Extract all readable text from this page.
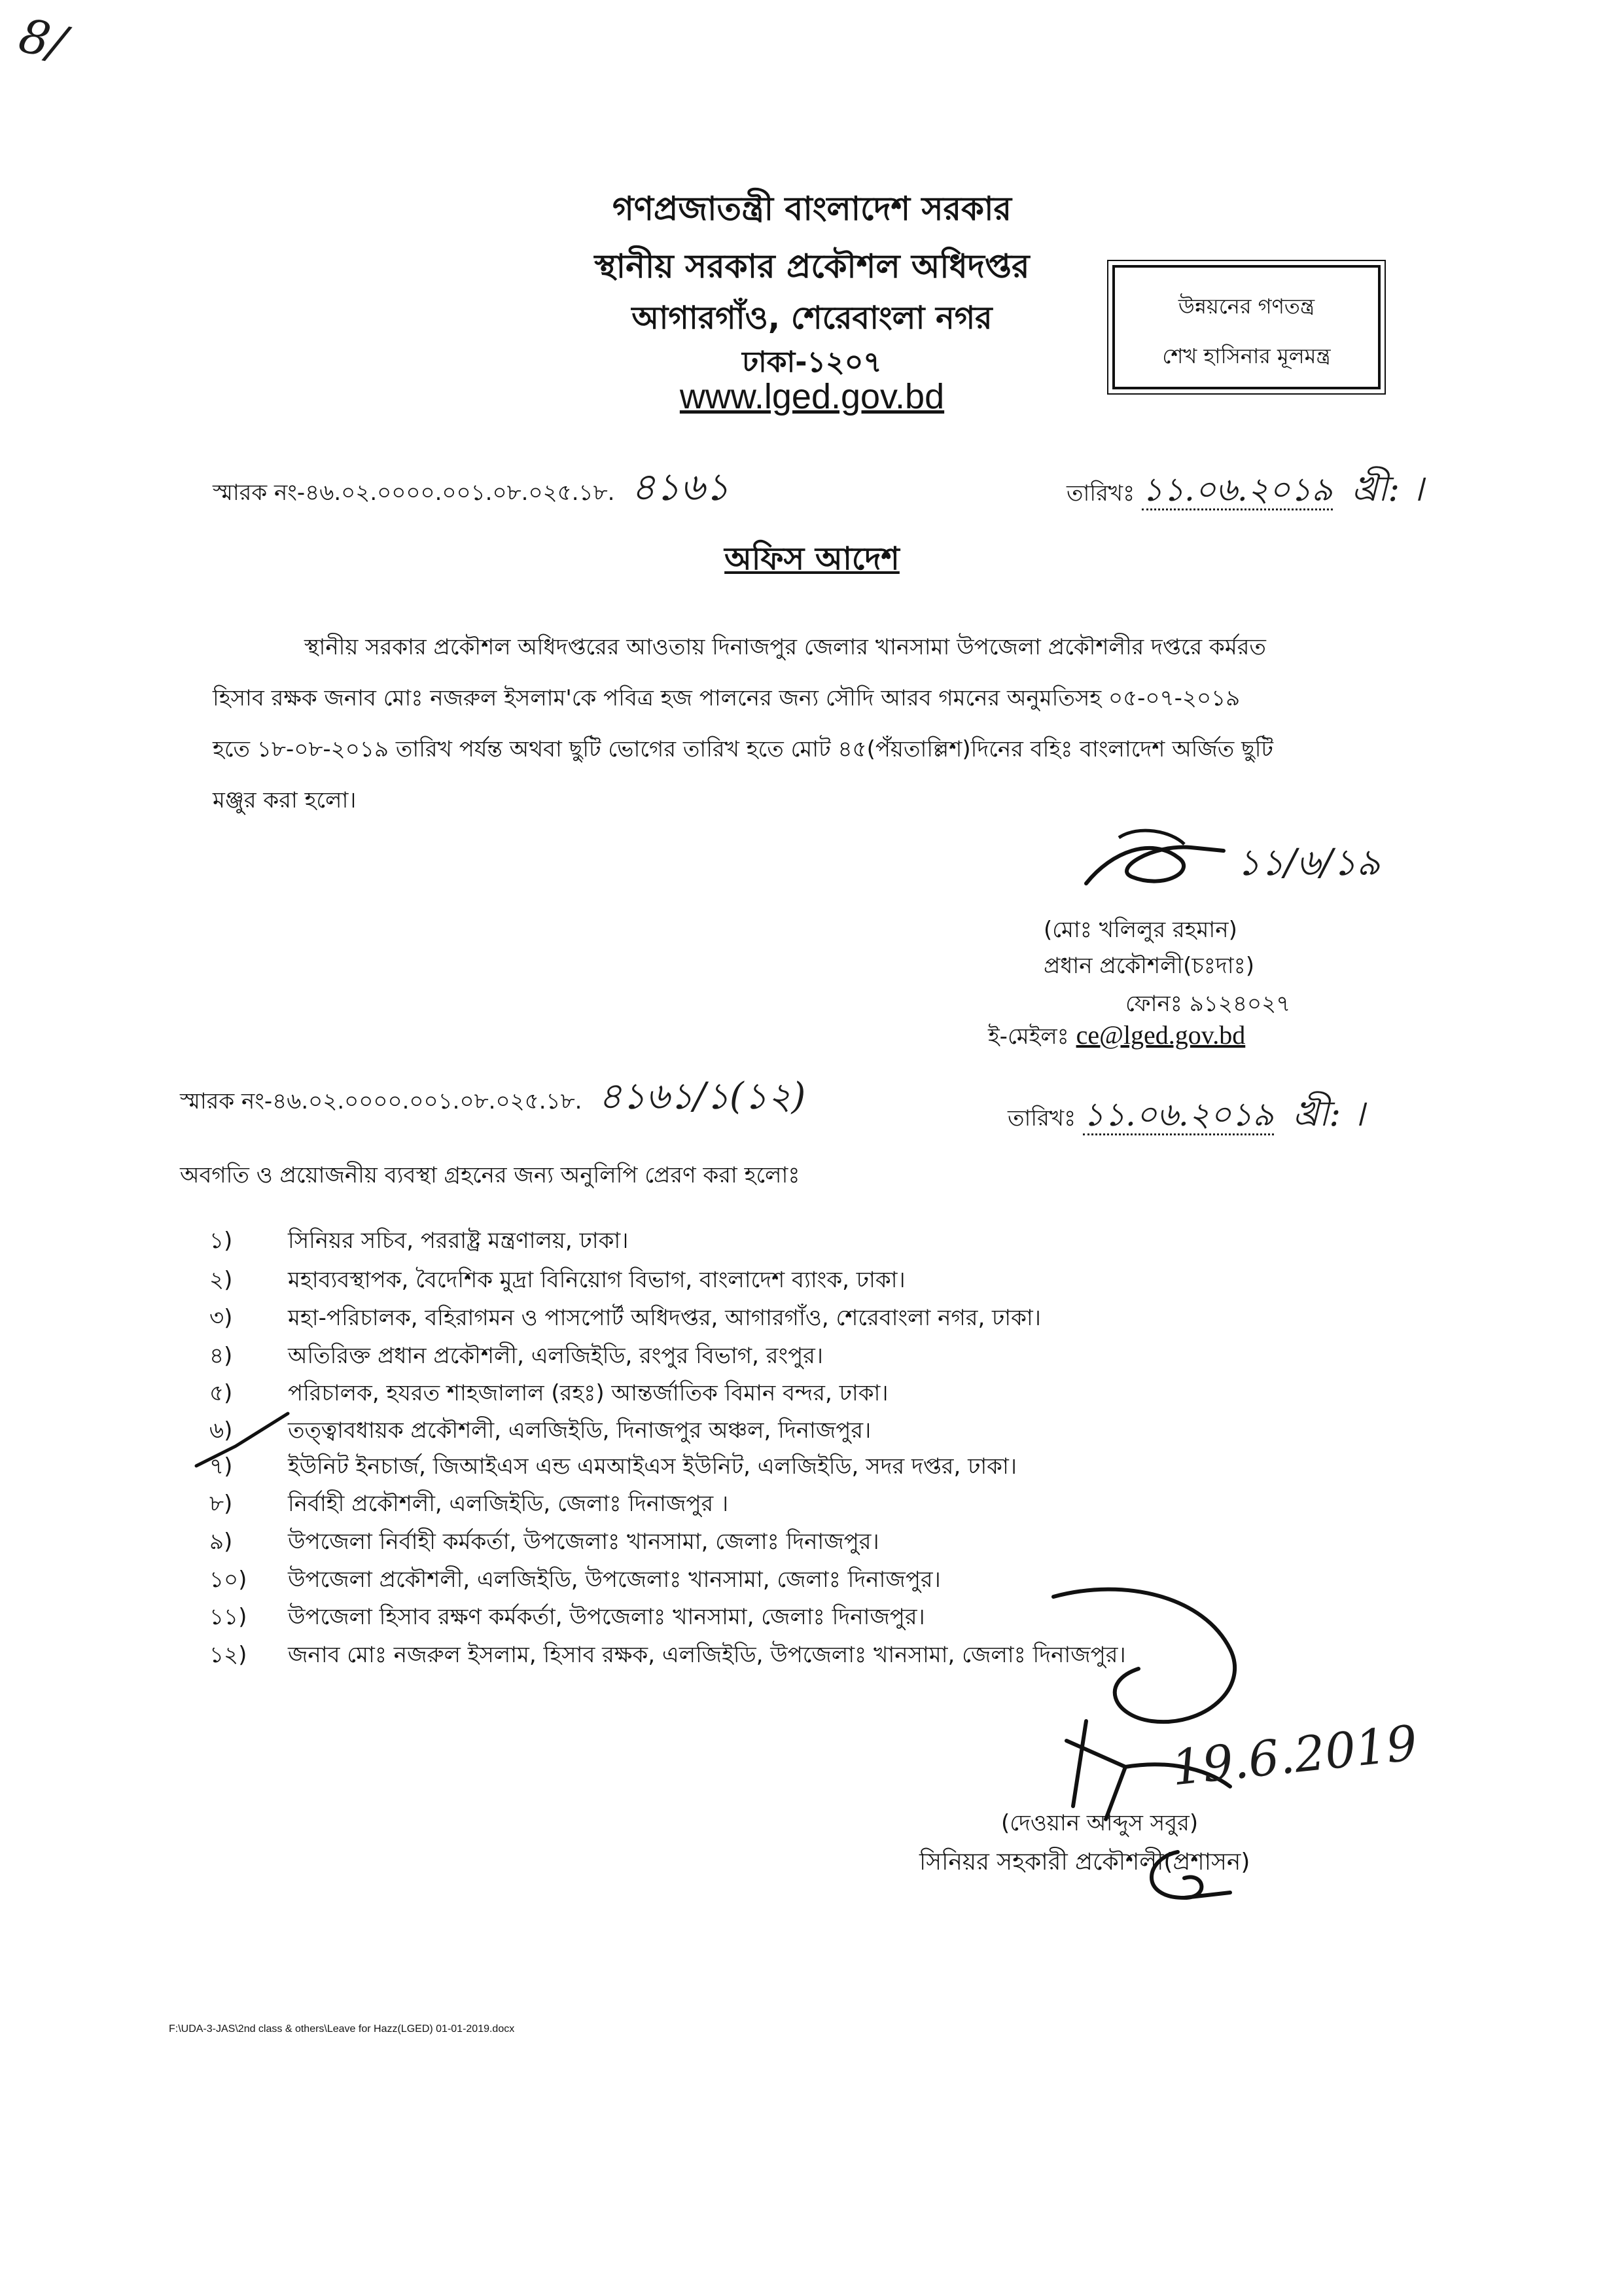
8/
গণপ্রজাতন্ত্রী বাংলাদেশ সরকার
স্থানীয় সরকার প্রকৌশল অধিদপ্তর
আগারগাঁও, শেরেবাংলা নগর
ঢাকা-১২০৭
www.lged.gov.bd
উন্নয়নের গণতন্ত্র
শেখ হাসিনার মূলমন্ত্র
স্মারক নং-৪৬.০২.০০০০.০০১.০৮.০২৫.১৮. ৪১৬১	তারিখঃ ১১.০৬.২০১৯ খ্রী: ।
অফিস আদেশ
স্থানীয় সরকার প্রকৌশল অধিদপ্তরের আওতায় দিনাজপুর জেলার খানসামা উপজেলা প্রকৌশলীর দপ্তরে কর্মরত
হিসাব রক্ষক জনাব মোঃ নজরুল ইসলাম'কে পবিত্র হজ পালনের জন্য সৌদি আরব গমনের অনুমতিসহ ০৫-০৭-২০১৯
হতে ১৮-০৮-২০১৯ তারিখ পর্যন্ত অথবা ছুটি ভোগের তারিখ হতে মোট ৪৫(পঁয়তাল্লিশ)দিনের বহিঃ বাংলাদেশ অর্জিত ছুটি
মঞ্জুর করা হলো।
১১/৬/১৯
(মোঃ খলিলুর রহমান)
প্রধান প্রকৌশলী(চঃদাঃ)
ফোনঃ ৯১২৪০২৭
ই-মেইলঃ ce@lged.gov.bd
স্মারক নং-৪৬.০২.০০০০.০০১.০৮.০২৫.১৮. ৪১৬১/১(১২)
তারিখঃ ১১.০৬.২০১৯ খ্রী: ।
অবগতি ও প্রয়োজনীয় ব্যবস্থা গ্রহনের জন্য অনুলিপি প্রেরণ করা হলোঃ
১)	সিনিয়র সচিব, পররাষ্ট্র মন্ত্রণালয়, ঢাকা।
২)	মহাব্যবস্থাপক, বৈদেশিক মুদ্রা বিনিয়োগ বিভাগ, বাংলাদেশ ব্যাংক, ঢাকা।
৩)	মহা-পরিচালক, বহিরাগমন ও পাসপোর্ট অধিদপ্তর, আগারগাঁও, শেরেবাংলা নগর, ঢাকা।
৪)	অতিরিক্ত প্রধান প্রকৌশলী, এলজিইডি, রংপুর বিভাগ, রংপুর।
৫)	পরিচালক, হযরত শাহজালাল (রহঃ) আন্তর্জাতিক বিমান বন্দর, ঢাকা।
৬)	তত্ত্বাবধায়ক প্রকৌশলী, এলজিইডি, দিনাজপুর অঞ্চল, দিনাজপুর।
৭)	ইউনিট ইনচার্জ, জিআইএস এন্ড এমআইএস ইউনিট, এলজিইডি, সদর দপ্তর, ঢাকা।
৮)	নির্বাহী প্রকৌশলী, এলজিইডি, জেলাঃ দিনাজপুর ।
৯)	উপজেলা নির্বাহী কর্মকর্তা, উপজেলাঃ খানসামা, জেলাঃ দিনাজপুর।
১০)	উপজেলা প্রকৌশলী, এলজিইডি, উপজেলাঃ খানসামা, জেলাঃ দিনাজপুর।
১১)	উপজেলা হিসাব রক্ষণ কর্মকর্তা, উপজেলাঃ খানসামা, জেলাঃ দিনাজপুর।
১২)	জনাব মোঃ নজরুল ইসলাম, হিসাব রক্ষক, এলজিইডি, উপজেলাঃ খানসামা, জেলাঃ দিনাজপুর।
19.6.2019
(দেওয়ান আব্দুস সবুর)
সিনিয়র সহকারী প্রকৌশলী(প্রশাসন)
F:\UDA-3-JAS\2nd class & others\Leave for Hazz(LGED) 01-01-2019.docx
